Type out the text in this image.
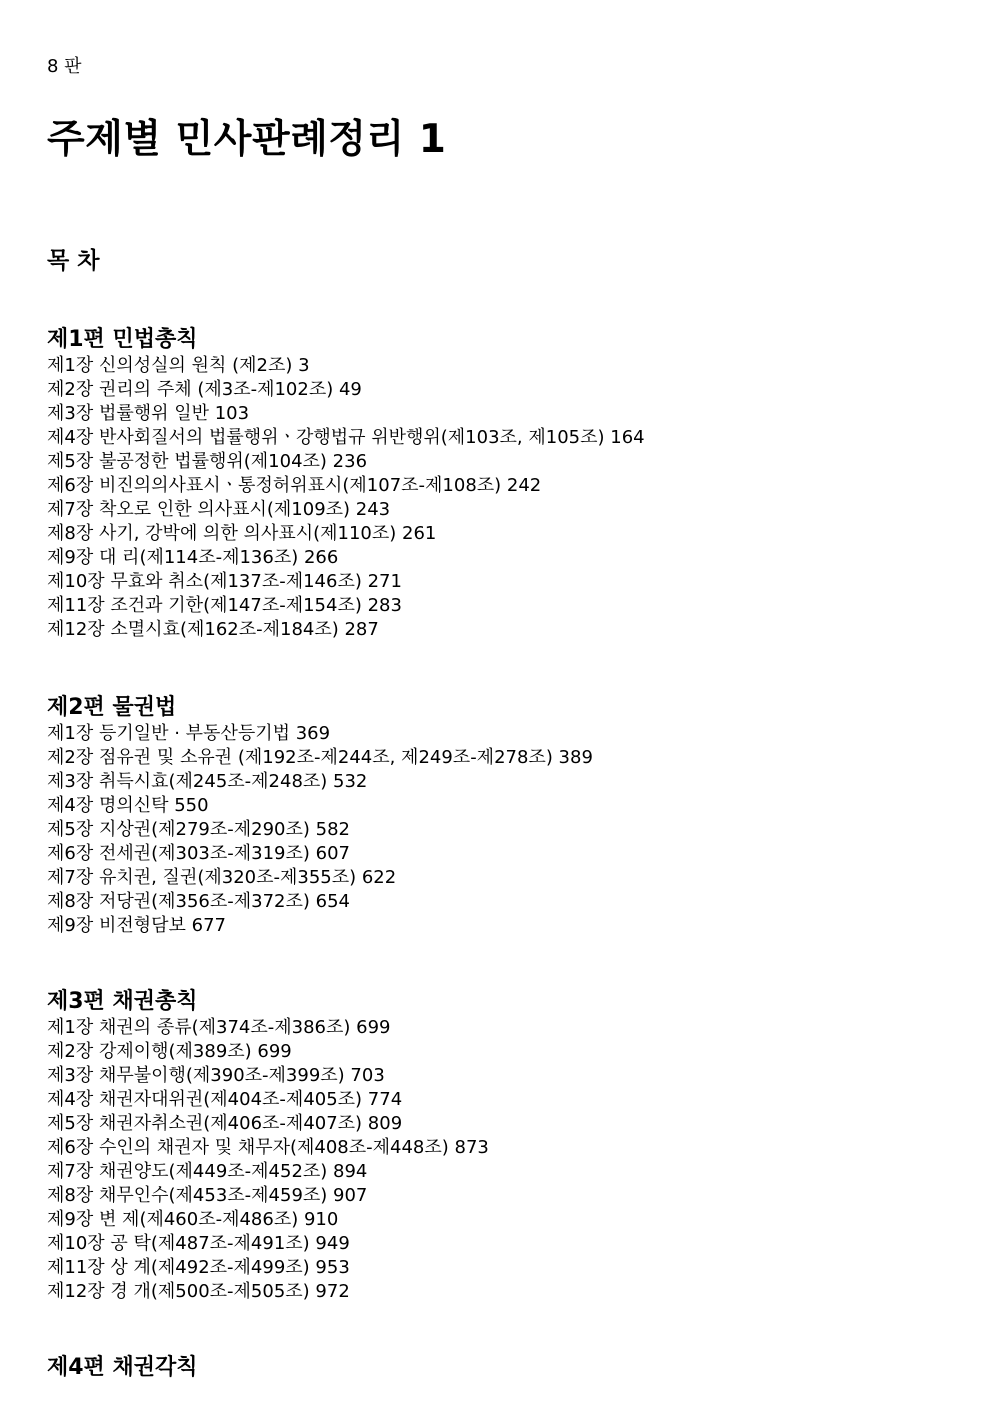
8 판
주제별 민사판례정리 1
목 차
제1편 민법총칙
제1장 신의성실의 원칙 (제2조) 3
제2장 권리의 주체 (제3조-제102조) 49
제3장 법률행위 일반 103
제4장 반사회질서의 법률행위ㆍ강행법규 위반행위(제103조, 제105조) 164
제5장 불공정한 법률행위(제104조) 236
제6장 비진의의사표시ㆍ통정허위표시(제107조-제108조) 242
제7장 착오로 인한 의사표시(제109조) 243
제8장 사기, 강박에 의한 의사표시(제110조) 261
제9장 대 리(제114조-제136조) 266
제10장 무효와 취소(제137조-제146조) 271
제11장 조건과 기한(제147조-제154조) 283
제12장 소멸시효(제162조-제184조) 287
제2편 물권법
제1장 등기일반 · 부동산등기법 369
제2장 점유권 및 소유권 (제192조-제244조, 제249조-제278조) 389
제3장 취득시효(제245조-제248조) 532
제4장 명의신탁 550
제5장 지상권(제279조-제290조) 582
제6장 전세권(제303조-제319조) 607
제7장 유치권, 질권(제320조-제355조) 622
제8장 저당권(제356조-제372조) 654
제9장 비전형담보 677
제3편 채권총칙
제1장 채권의 종류(제374조-제386조) 699
제2장 강제이행(제389조) 699
제3장 채무불이행(제390조-제399조) 703
제4장 채권자대위권(제404조-제405조) 774
제5장 채권자취소권(제406조-제407조) 809
제6장 수인의 채권자 및 채무자(제408조-제448조) 873
제7장 채권양도(제449조-제452조) 894
제8장 채무인수(제453조-제459조) 907
제9장 변 제(제460조-제486조) 910
제10장 공 탁(제487조-제491조) 949
제11장 상 계(제492조-제499조) 953
제12장 경 개(제500조-제505조) 972
제4편 채권각칙
